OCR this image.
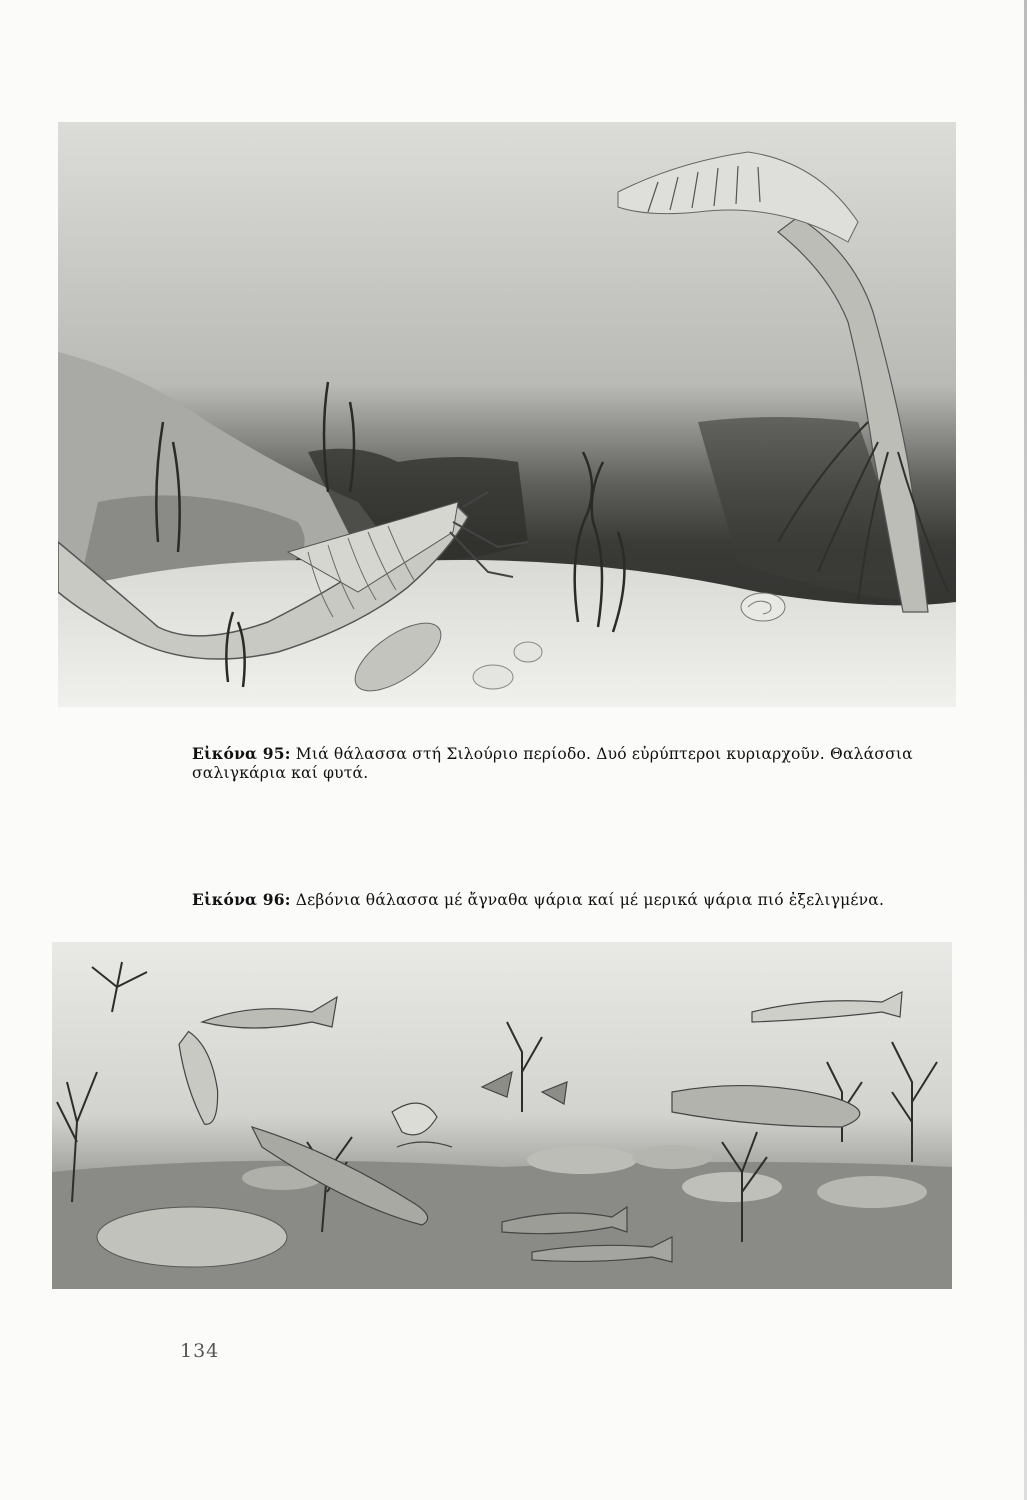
Εἰκόνα 95: Μιά θάλασσα στή Σιλούριο περίοδο. Δυό εὐρύπτεροι κυριαρχοῦν. Θαλάσσια σαλιγκάρια καί φυτά.
Εἰκόνα 96: Δεβόνια θάλασσα μέ ἄγναθα ψάρια καί μέ μερικά ψάρια πιό ἐξελιγμένα.
134
